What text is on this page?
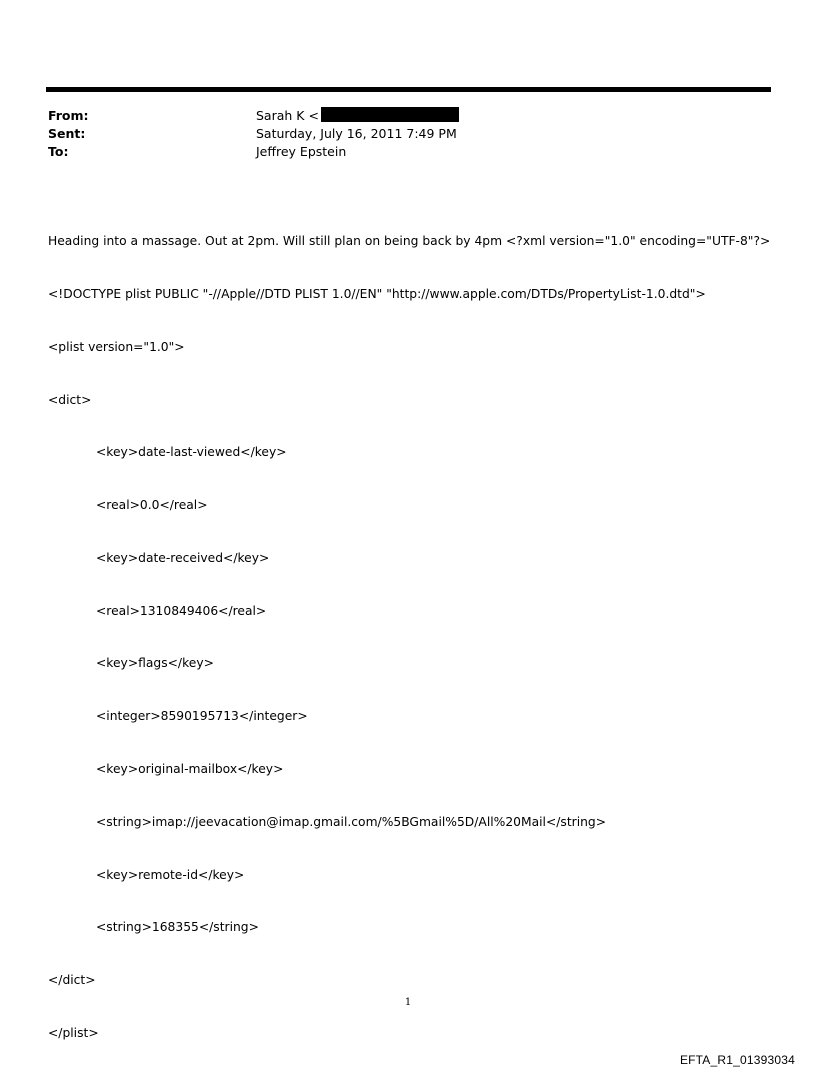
From:	Sarah K <
Sent:	Saturday, July 16, 2011 7:49 PM
To:	Jeffrey Epstein

Heading into a massage. Out at 2pm. Will still plan on being back by 4pm <?xml version="1.0" encoding="UTF-8"?>

<!DOCTYPE plist PUBLIC "-//Apple//DTD PLIST 1.0//EN" "http://www.apple.com/DTDs/PropertyList-1.0.dtd">

<plist version="1.0">

<dict>

<key>date-last-viewed</key>

<real>0.0</real>

<key>date-received</key>

<real>1310849406</real>

<key>flags</key>

<integer>8590195713</integer>

<key>original-mailbox</key>

<string>imap://jeevacation@imap.gmail.com/%5BGmail%5D/All%20Mail</string>

<key>remote-id</key>

<string>168355</string>

</dict>

</plist>

1
EFTA_R1_01393034
